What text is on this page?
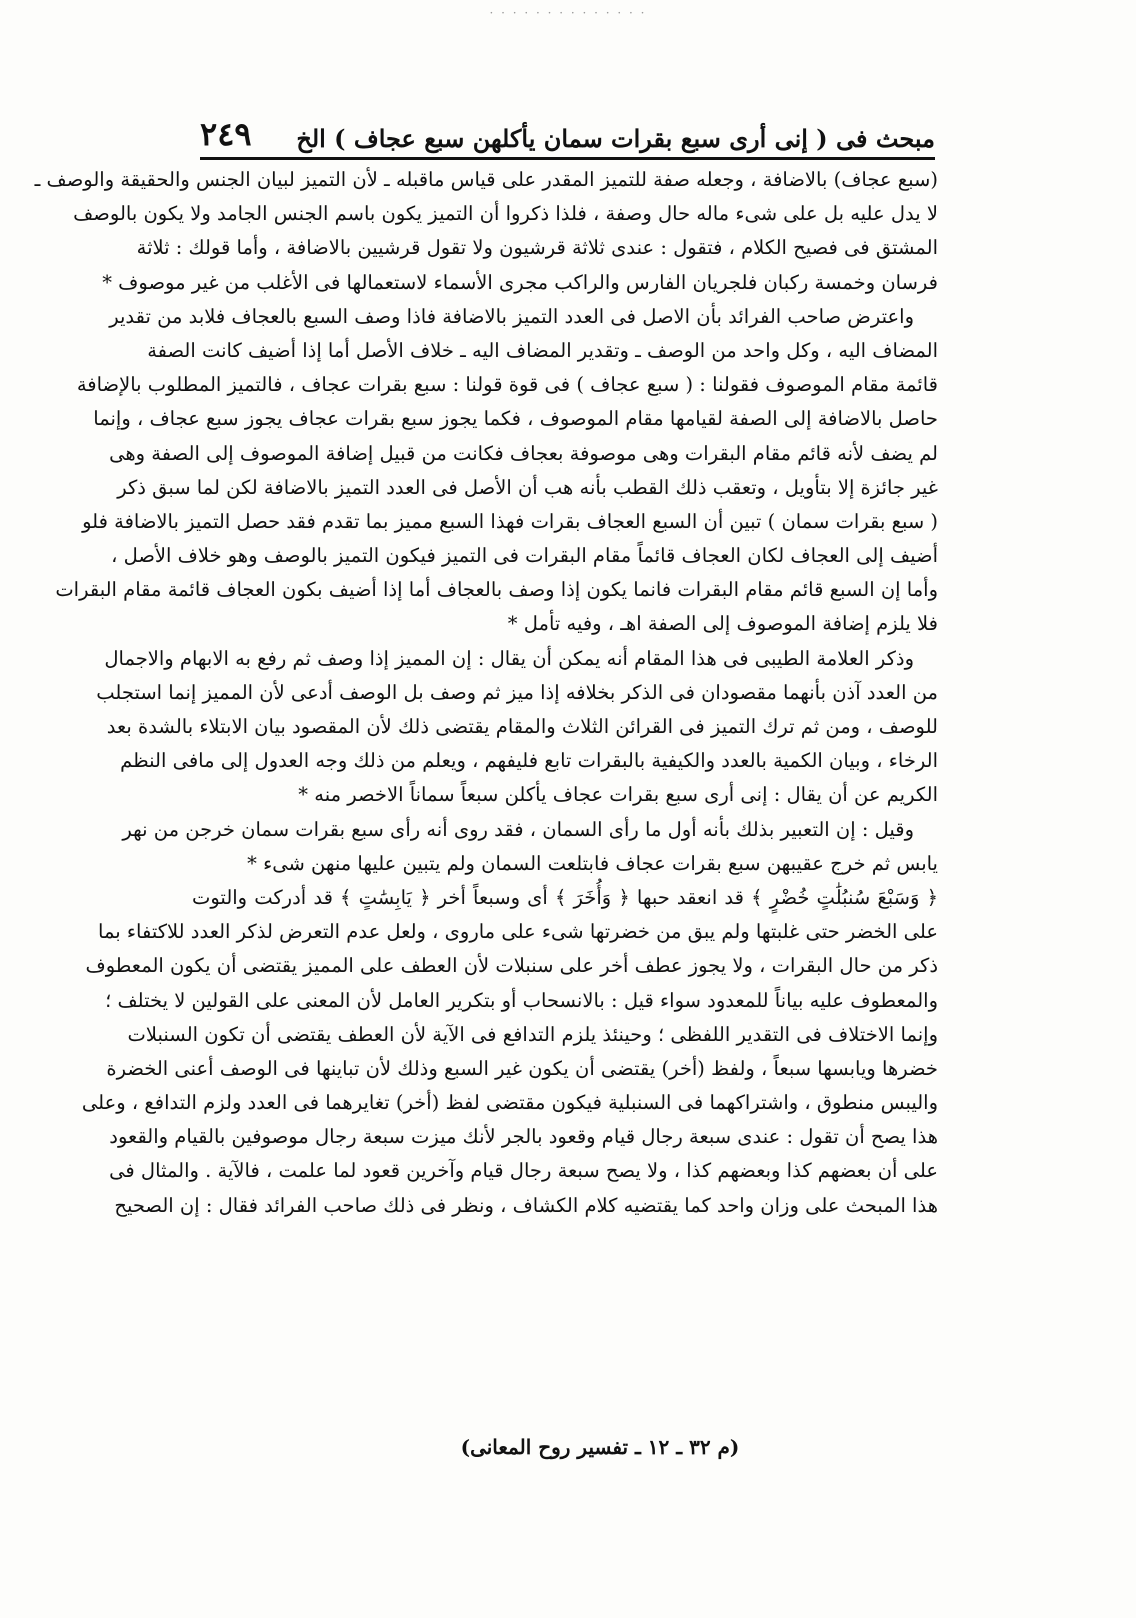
· · · · · · · · · · · · · ·
مبحث فى ( إنى أرى سبع بقرات سمان يأكلهن سبع عجاف ) الخ
٢٤٩
(سبع عجاف) بالاضافة ، وجعله صفة للتميز المقدر على قياس ماقبله ـ لأن التميز لبيان الجنس والحقيقة والوصف ـ
لا يدل عليه بل على شىء ماله حال وصفة ، فلذا ذكروا أن التميز يكون باسم الجنس الجامد ولا يكون بالوصف
المشتق فى فصيح الكلام ، فتقول : عندى ثلاثة قرشيون ولا تقول قرشيين بالاضافة ، وأما قولك : ثلاثة
فرسان وخمسة ركبان فلجريان الفارس والراكب مجرى الأسماء لاستعمالها فى الأغلب من غير موصوف *
واعترض صاحب الفرائد بأن الاصل فى العدد التميز بالاضافة فاذا وصف السبع بالعجاف فلابد من تقدير
المضاف اليه ، وكل واحد من الوصف ـ وتقدير المضاف اليه ـ خلاف الأصل أما إذا أضيف كانت الصفة
قائمة مقام الموصوف فقولنا : ( سبع عجاف ) فى قوة قولنا : سبع بقرات عجاف ، فالتميز المطلوب بالإضافة
حاصل بالاضافة إلى الصفة لقيامها مقام الموصوف ، فكما يجوز سبع بقرات عجاف يجوز سبع عجاف ، وإنما
لم يضف لأنه قائم مقام البقرات وهى موصوفة بعجاف فكانت من قبيل إضافة الموصوف إلى الصفة وهى
غير جائزة إلا بتأويل ، وتعقب ذلك القطب بأنه هب أن الأصل فى العدد التميز بالاضافة لكن لما سبق ذكر
( سبع بقرات سمان ) تبين أن السبع العجاف بقرات فهذا السبع مميز بما تقدم فقد حصل التميز بالاضافة فلو
أضيف إلى العجاف لكان العجاف قائماً مقام البقرات فى التميز فيكون التميز بالوصف وهو خلاف الأصل ،
وأما إن السبع قائم مقام البقرات فانما يكون إذا وصف بالعجاف أما إذا أضيف بكون العجاف قائمة مقام البقرات
فلا يلزم إضافة الموصوف إلى الصفة اهـ ، وفيه تأمل *
وذكر العلامة الطيبى فى هذا المقام أنه يمكن أن يقال : إن المميز إذا وصف ثم رفع به الابهام والاجمال
من العدد آذن بأنهما مقصودان فى الذكر بخلافه إذا ميز ثم وصف بل الوصف أدعى لأن المميز إنما استجلب
للوصف ، ومن ثم ترك التميز فى القرائن الثلاث والمقام يقتضى ذلك لأن المقصود بيان الابتلاء بالشدة بعد
الرخاء ، وبيان الكمية بالعدد والكيفية بالبقرات تابع فليفهم ، ويعلم من ذلك وجه العدول إلى مافى النظم
الكريم عن أن يقال : إنى أرى سبع بقرات عجاف يأكلن سبعاً سماناً الاخصر منه *
وقيل : إن التعبير بذلك بأنه أول ما رأى السمان ، فقد روى أنه رأى سبع بقرات سمان خرجن من نهر
يابس ثم خرج عقيبهن سبع بقرات عجاف فابتلعت السمان ولم يتبين عليها منهن شىء *
﴿ وَسَبْعَ سُنبُلَٰتٍ خُضْرٍ ﴾ قد انعقد حبها ﴿ وَأُخَرَ ﴾ أى وسبعاً أخر ﴿ يَابِسَٰتٍ ﴾ قد أدركت والتوت
على الخضر حتى غلبتها ولم يبق من خضرتها شىء على ماروى ، ولعل عدم التعرض لذكر العدد للاكتفاء بما
ذكر من حال البقرات ، ولا يجوز عطف أخر على سنبلات لأن العطف على المميز يقتضى أن يكون المعطوف
والمعطوف عليه بياناً للمعدود سواء قيل : بالانسحاب أو بتكرير العامل لأن المعنى على القولين لا يختلف ؛
وإنما الاختلاف فى التقدير اللفظى ؛ وحينئذ يلزم التدافع فى الآية لأن العطف يقتضى أن تكون السنبلات
خضرها ويابسها سبعاً ، ولفظ (أخر) يقتضى أن يكون غير السبع وذلك لأن تباينها فى الوصف أعنى الخضرة
واليبس منطوق ، واشتراكهما فى السنبلية فيكون مقتضى لفظ (أخر) تغايرهما فى العدد ولزم التدافع ، وعلى
هذا يصح أن تقول : عندى سبعة رجال قيام وقعود بالجر لأنك ميزت سبعة رجال موصوفين بالقيام والقعود
على أن بعضهم كذا وبعضهم كذا ، ولا يصح سبعة رجال قيام وآخرين قعود لما علمت ، فالآية . والمثال فى
هذا المبحث على وزان واحد كما يقتضيه كلام الكشاف ، ونظر فى ذلك صاحب الفرائد فقال : إن الصحيح
(م ٣٢ ـ ١٢ ـ تفسير روح المعانى)
